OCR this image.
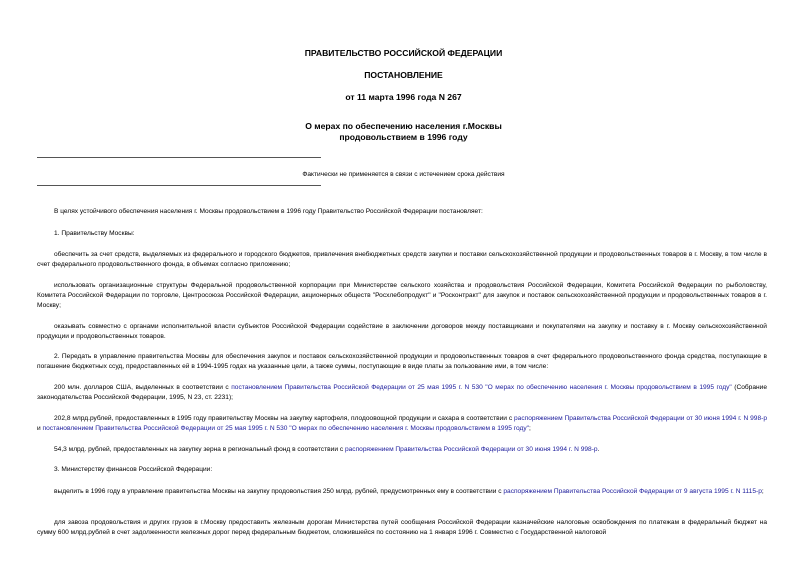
ПРАВИТЕЛЬСТВО РОССИЙСКОЙ ФЕДЕРАЦИИ
ПОСТАНОВЛЕНИЕ
от 11 марта 1996 года N 267
О мерах по обеспечению населения г.Москвы
продовольствием в 1996 году
Фактически не применяется в связи с истечением срока действия
В целях устойчивого обеспечения населения г. Москвы продовольствием в 1996 году Правительство Российской Федерации постановляет:
1. Правительству Москвы:
обеспечить за счет средств, выделяемых из федерального и городского бюджетов, привлечения внебюджетных средств закупки и поставки сельскохозяйственной продукции и продовольственных товаров в г. Москву, в том числе в счет федерального продовольственного фонда, в объемах согласно приложению;
использовать организационные структуры Федеральной продовольственной корпорации при Министерстве сельского хозяйства и продовольствия Российской Федерации, Комитета Российской Федерации по рыболовству, Комитета Российской Федерации по торговле, Центросоюза Российской Федерации, акционерных обществ "Росхлебопродукт" и "Росконтракт" для закупок и поставок сельскохозяйственной продукции и продовольственных товаров в г. Москву;
оказывать совместно с органами исполнительной власти субъектов Российской Федерации содействие в заключении договоров между поставщиками и покупателями на закупку и поставку в г. Москву сельскохозяйственной продукции и продовольственных товаров.
2. Передать в управление правительства Москвы для обеспечения закупок и поставок сельскохозяйственной продукции и продовольственных товаров в счет федерального продовольственного фонда средства, поступающие в погашение бюджетных ссуд, предоставленных ей в 1994-1995 годах на указанные цели, а также суммы, поступающие в виде платы за пользование ими, в том числе:
200 млн. долларов США, выделенных в соответствии с постановлением Правительства Российской Федерации от 25 мая 1995 г. N 530 "О мерах по обеспечению населения г. Москвы продовольствием в 1995 году" (Собрание законодательства Российской Федерации, 1995, N 23, ст. 2231);
202,8 млрд.рублей, предоставленных в 1995 году правительству Москвы на закупку картофеля, плодоовощной продукции и сахара в соответствии с распоряжением Правительства Российской Федерации от 30 июня 1994 г. N 998-р и постановлением Правительства Российской Федерации от 25 мая 1995 г. N 530 "О мерах по обеспечению населения г. Москвы продовольствием в 1995 году";
54,3 млрд. рублей, предоставленных на закупку зерна в региональный фонд в соответствии с распоряжением Правительства Российской Федерации от 30 июня 1994 г. N 998-р.
3. Министерству финансов Российской Федерации:
выделить в 1996 году в управление правительства Москвы на закупку продовольствия 250 млрд. рублей, предусмотренных ему в соответствии с распоряжением Правительства Российской Федерации от 9 августа 1995 г. N 1115-р;
для завоза продовольствия и других грузов в г.Москву предоставить железным дорогам Министерства путей сообщения Российской Федерации казначейские налоговые освобождения по платежам в федеральный бюджет на сумму 600 млрд.рублей в счет задолженности железных дорог перед федеральным бюджетом, сложившейся по состоянию на 1 января 1996 г. Совместно с Государственной налоговой
